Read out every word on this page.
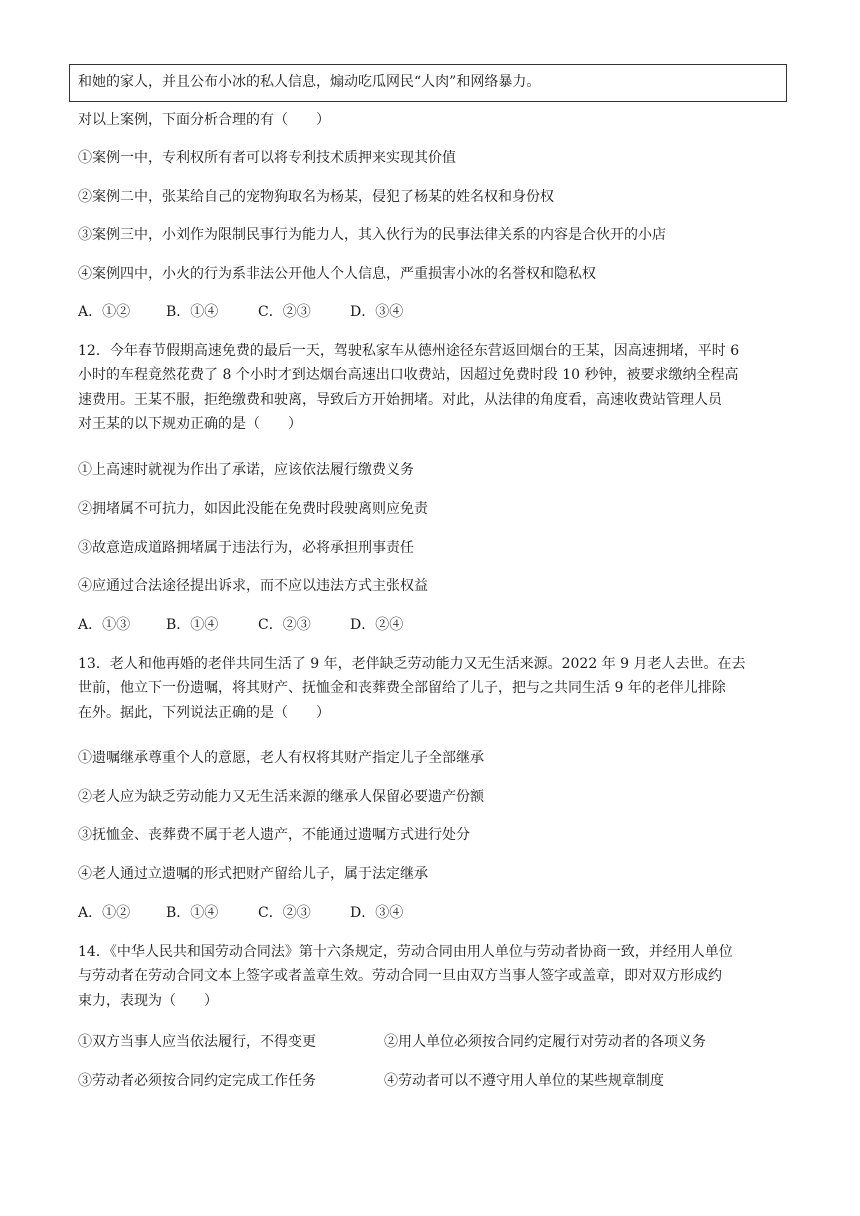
和她的家人，并且公布小冰的私人信息，煽动吃瓜网民“人肉”和网络暴力。
对以上案例，下面分析合理的有（　　）
①案例一中，专利权所有者可以将专利技术质押来实现其价值
②案例二中，张某给自己的宠物狗取名为杨某，侵犯了杨某的姓名权和身份权
③案例三中，小刘作为限制民事行为能力人，其入伙行为的民事法律关系的内容是合伙开的小店
④案例四中，小火的行为系非法公开他人个人信息，严重损害小冰的名誉权和隐私权
A．①②	B．①④	C．②③	D．③④
12．今年春节假期高速免费的最后一天，驾驶私家车从德州途径东营返回烟台的王某，因高速拥堵，平时 6
小时的车程竟然花费了 8 个小时才到达烟台高速出口收费站，因超过免费时段 10 秒钟，被要求缴纳全程高
速费用。王某不服，拒绝缴费和驶离，导致后方开始拥堵。对此，从法律的角度看，高速收费站管理人员
对王某的以下规劝正确的是（　　）
①上高速时就视为作出了承诺，应该依法履行缴费义务
②拥堵属不可抗力，如因此没能在免费时段驶离则应免责
③故意造成道路拥堵属于违法行为，必将承担刑事责任
④应通过合法途径提出诉求，而不应以违法方式主张权益
A．①③	B．①④	C．②③	D．②④
13．老人和他再婚的老伴共同生活了 9 年，老伴缺乏劳动能力又无生活来源。2022 年 9 月老人去世。在去
世前，他立下一份遗嘱，将其财产、抚恤金和丧葬费全部留给了儿子，把与之共同生活 9 年的老伴儿排除
在外。据此，下列说法正确的是（　　）
①遗嘱继承尊重个人的意愿，老人有权将其财产指定儿子全部继承
②老人应为缺乏劳动能力又无生活来源的继承人保留必要遗产份额
③抚恤金、丧葬费不属于老人遗产，不能通过遗嘱方式进行处分
④老人通过立遗嘱的形式把财产留给儿子，属于法定继承
A．①②	B．①④	C．②③	D．③④
14．《中华人民共和国劳动合同法》第十六条规定，劳动合同由用人单位与劳动者协商一致，并经用人单位
与劳动者在劳动合同文本上签字或者盖章生效。劳动合同一旦由双方当事人签字或盖章，即对双方形成约
束力，表现为（　　）
①双方当事人应当依法履行，不得变更	②用人单位必须按合同约定履行对劳动者的各项义务
③劳动者必须按合同约定完成工作任务	④劳动者可以不遵守用人单位的某些规章制度
